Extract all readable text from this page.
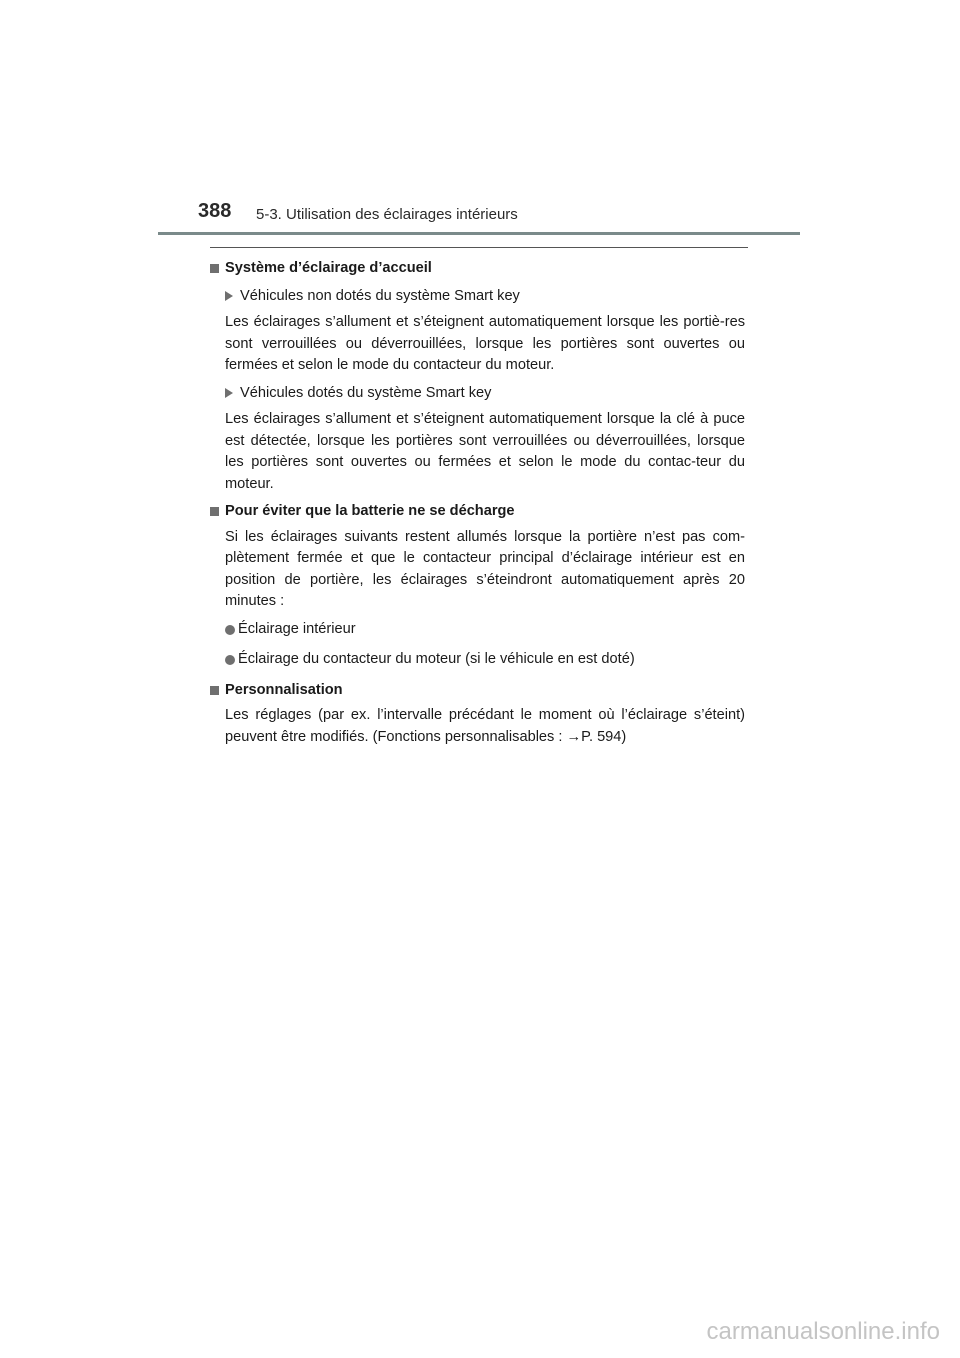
388 5-3. Utilisation des éclairages intérieurs
Système d’éclairage d’accueil
Véhicules non dotés du système Smart key

Les éclairages s’allument et s’éteignent automatiquement lorsque les portiè-res sont verrouillées ou déverrouillées, lorsque les portières sont ouvertes ou fermées et selon le mode du contacteur du moteur.

Véhicules dotés du système Smart key

Les éclairages s’allument et s’éteignent automatiquement lorsque la clé à puce est détectée, lorsque les portières sont verrouillées ou déverrouillées, lorsque les portières sont ouvertes ou fermées et selon le mode du contac-teur du moteur.

Pour éviter que la batterie ne se décharge

Si les éclairages suivants restent allumés lorsque la portière n’est pas com-plètement fermée et que le contacteur principal d’éclairage intérieur est en position de portière, les éclairages s’éteindront automatiquement après 20 minutes :

Éclairage intérieur
Éclairage du contacteur du moteur (si le véhicule en est doté)
Personnalisation

Les réglages (par ex. l’intervalle précédant le moment où l’éclairage s’éteint) peuvent être modifiés. (Fonctions personnalisables : →P. 594)

carmanualsonline.info
